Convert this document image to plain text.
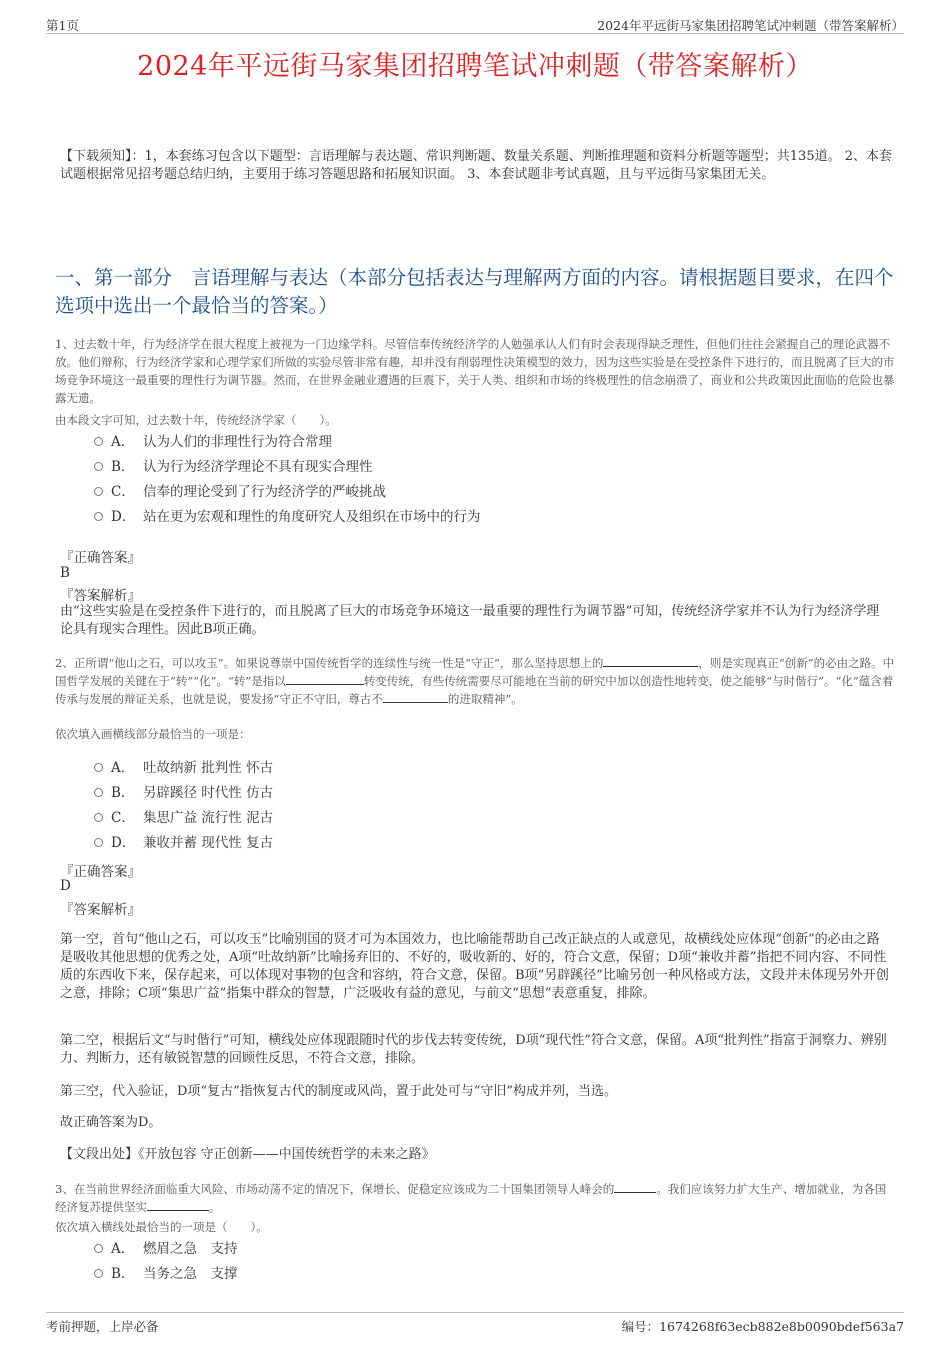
第1页	2024年平远街马家集团招聘笔试冲刺题（带答案解析）
2024年平远街马家集团招聘笔试冲刺题（带答案解析）
【下载须知】：1，本套练习包含以下题型：言语理解与表达题、常识判断题、数量关系题、判断推理题和资料分析题等题型；共135道。 2、本套试题根据常见招考题总结归纳，主要用于练习答题思路和拓展知识面。 3、本套试题非考试真题，且与平远街马家集团无关。
一、第一部分　言语理解与表达（本部分包括表达与理解两方面的内容。请根据题目要求，在四个选项中选出一个最恰当的答案。）
1、过去数十年，行为经济学在很大程度上被视为一门边缘学科。尽管信奉传统经济学的人勉强承认人们有时会表现得缺乏理性，但他们往往会紧握自己的理论武器不放。他们辩称，行为经济学家和心理学家们所做的实验尽管非常有趣，却并没有削弱理性决策模型的效力，因为这些实验是在受控条件下进行的，而且脱离了巨大的市场竞争环境这一最重要的理性行为调节器。然而，在世界金融业遭遇的巨震下，关于人类、组织和市场的终极理性的信念崩溃了，商业和公共政策因此面临的危险也暴露无遗。
由本段文字可知，过去数十年，传统经济学家（　　）。
A． 认为人们的非理性行为符合常理
B． 认为行为经济学理论不具有现实合理性
C． 信奉的理论受到了行为经济学的严峻挑战
D． 站在更为宏观和理性的角度研究人及组织在市场中的行为
『正确答案』
B
『答案解析』
由“这些实验是在受控条件下进行的，而且脱离了巨大的市场竞争环境这一最重要的理性行为调节器”可知，传统经济学家并不认为行为经济学理论具有现实合理性。因此B项正确。
2、正所谓“他山之石，可以攻玉”。如果说尊崇中国传统哲学的连续性与统一性是“守正”，那么坚持思想上的	，则是实现真正“创新”的必由之路。中国哲学发展的关键在于“转”“化”。“转”是指以	转变传统，有些传统需要尽可能地在当前的研究中加以创造性地转变，使之能够“与时偕行”。“化”蕴含着传承与发展的辩证关系，也就是说，要发扬“守正不守旧，尊古不	的进取精神”。
依次填入画横线部分最恰当的一项是：
A． 吐故纳新 批判性 怀古
B． 另辟蹊径 时代性 仿古
C． 集思广益 流行性 泥古
D． 兼收并蓄 现代性 复古
『正确答案』
D
『答案解析』
第一空，首句“他山之石，可以攻玉”比喻别国的贤才可为本国效力，也比喻能帮助自己改正缺点的人或意见，故横线处应体现“创新”的必由之路是吸收其他思想的优秀之处，A项“吐故纳新”比喻扬弃旧的、不好的，吸收新的、好的，符合文意，保留；D项“兼收并蓄”指把不同内容、不同性质的东西收下来，保存起来，可以体现对事物的包含和容纳，符合文意，保留。B项“另辟蹊径”比喻另创一种风格或方法，文段并未体现另外开创之意，排除；C项“集思广益”指集中群众的智慧，广泛吸收有益的意见，与前文“思想”表意重复，排除。
第二空，根据后文“与时偕行”可知，横线处应体现跟随时代的步伐去转变传统，D项“现代性”符合文意，保留。A项“批判性”指富于洞察力、辨别力、判断力，还有敏锐智慧的回顾性反思，不符合文意，排除。
第三空，代入验证，D项“复古”指恢复古代的制度或风尚，置于此处可与“守旧”构成并列，当选。
故正确答案为D。
【文段出处】《开放包容 守正创新——中国传统哲学的未来之路》
3、在当前世界经济面临重大风险、市场动荡不定的情况下，保增长、促稳定应该成为二十国集团领导人峰会的	。我们应该努力扩大生产、增加就业，为各国经济复苏提供坚实	。
依次填入横线处最恰当的一项是（　　）。
A． 燃眉之急　支持
B． 当务之急　支撑
考前押题，上岸必备	编号：1674268f63ecb882e8b0090bdef563a7
